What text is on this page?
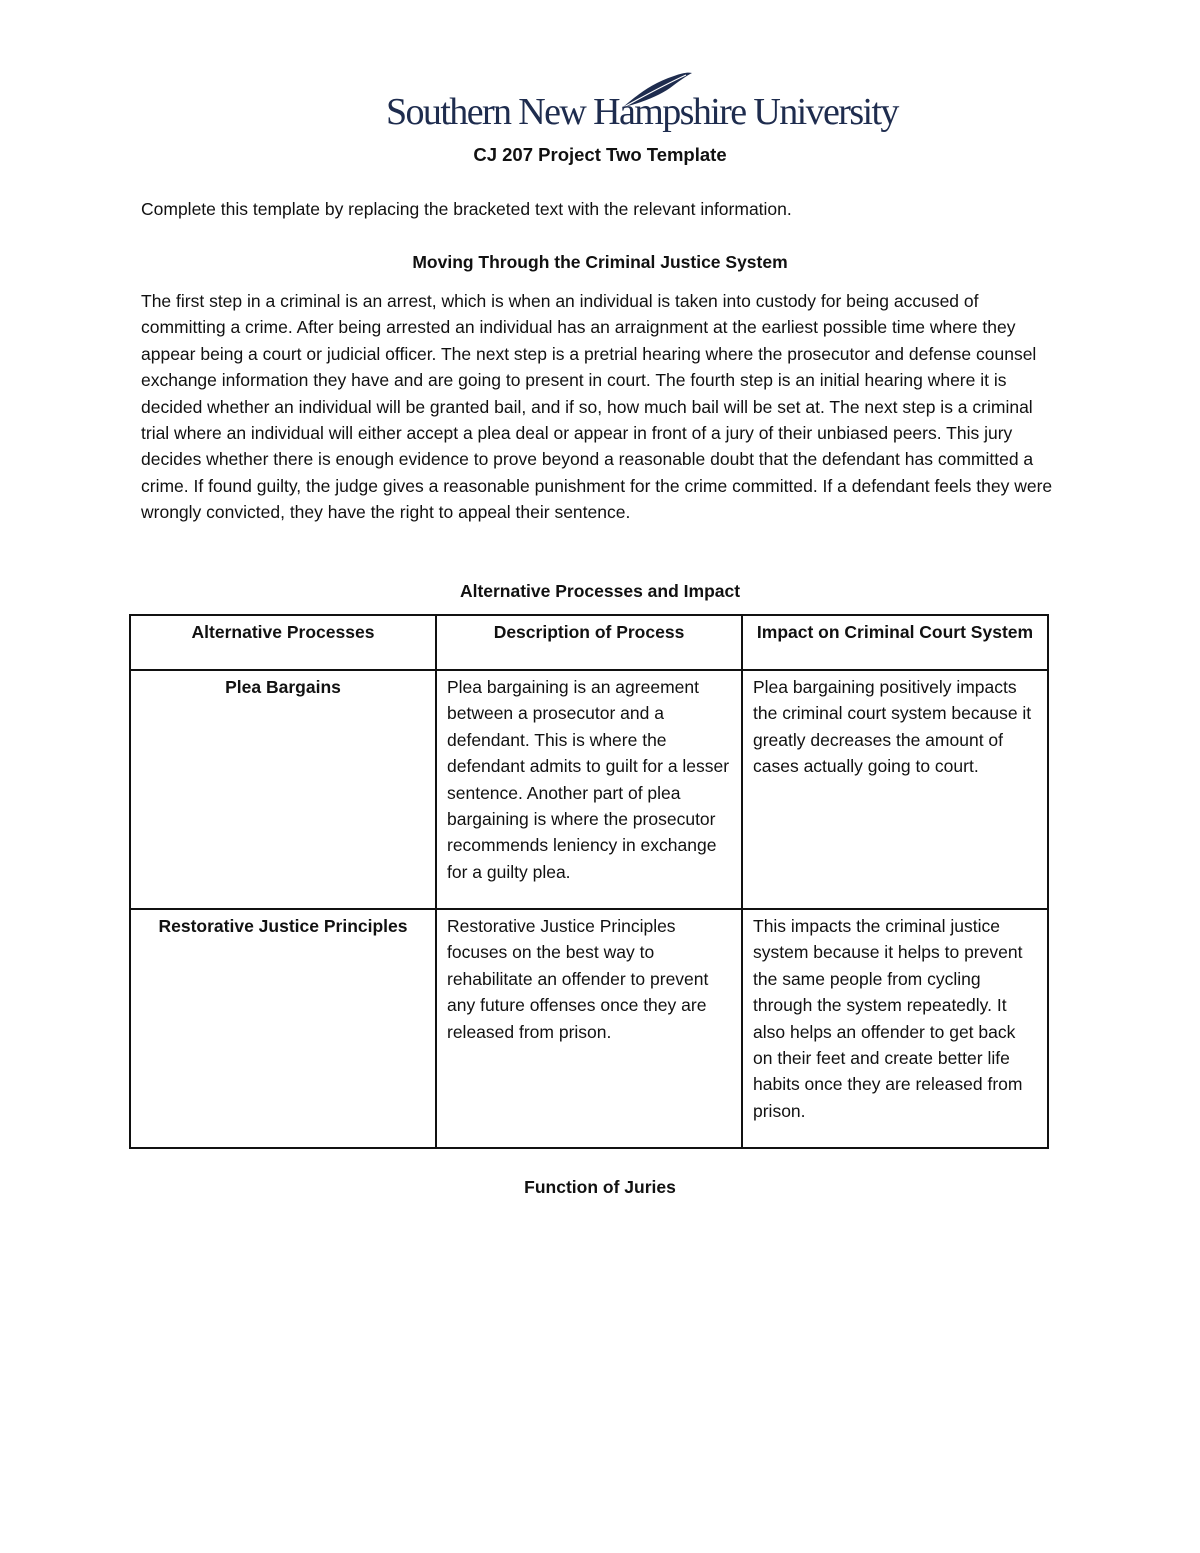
Southern New Hampshire University
CJ 207 Project Two Template
Complete this template by replacing the bracketed text with the relevant information.
Moving Through the Criminal Justice System
The first step in a criminal is an arrest, which is when an individual is taken into custody for being accused of committing a crime. After being arrested an individual has an arraignment at the earliest possible time where they appear being a court or judicial officer. The next step is a pretrial hearing where the prosecutor and defense counsel exchange information they have and are going to present in court. The fourth step is an initial hearing where it is decided whether an individual will be granted bail, and if so, how much bail will be set at. The next step is a criminal trial where an individual will either accept a plea deal or appear in front of a jury of their unbiased peers. This jury decides whether there is enough evidence to prove beyond a reasonable doubt that the defendant has committed a crime. If found guilty, the judge gives a reasonable punishment for the crime committed. If a defendant feels they were wrongly convicted, they have the right to appeal their sentence.
Alternative Processes and Impact
Alternative Processes	Description of Process	Impact on Criminal Court System
Plea Bargains	Plea bargaining is an agreement between a prosecutor and a defendant. This is where the defendant admits to guilt for a lesser sentence. Another part of plea bargaining is where the prosecutor recommends leniency in exchange for a guilty plea.	Plea bargaining positively impacts the criminal court system because it greatly decreases the amount of cases actually going to court.
Restorative Justice Principles	Restorative Justice Principles focuses on the best way to rehabilitate an offender to prevent any future offenses once they are released from prison.	This impacts the criminal justice system because it helps to prevent the same people from cycling through the system repeatedly. It also helps an offender to get back on their feet and create better life habits once they are released from prison.
Function of Juries
